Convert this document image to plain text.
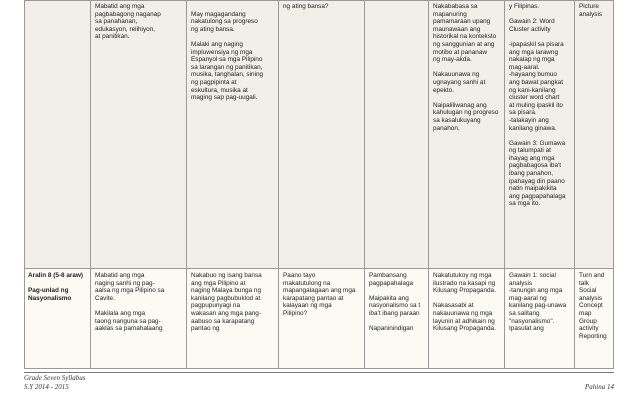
Mabatid ang mga
pagbabagong naganap
sa panahanan,
edukasyon, relihiyon,
at panitikan.

May magagandang
nakatulong sa progreso
ng ating bansa.

Malaki ang naging
impluwensiya ng mga
Espanyol sa mga Pilipino
sa larangan ng panitikan,
musika, tanghalan, sining
ng pagpipinta at
eskultura, musika at
maging sap pag-uugali.
ng ating bansa?	Nakababasa sa
mapanuring
pamamaraan upang
maunawaan ang
historikal na konteksto
ng sanggunian at ang
motibo at pananaw
ng may-akda.

Nakauunawa ng
ugnayang sanhi at
epekto.

Naipaliliwanag ang
kahulugan ng progreso
sa kasalukuyang
panahon.
y Filipinas.

Gawain 2: Word
Cluster activity

-ipapaskil sa pisara
ang mga larawng
nakalap ng mga
mag-aaral.
-hayaang bumuo
ang bawat pangkat
ng kani-kanilang
cluster word chart
at muling ipaskil ito
sa pisara.
-talakayin ang
kanilang ginawa.

Gawain 3: Gumawa
ng talumpati at
ihayag ang mga
pagbabagosa iba't
ibang panahon,
ipahayag din paano
natin maipakikita
ang pagpapahalaga
sa mga ito.
Picture analysis
Aralin 8 (5-8 araw)

Pag-unlad ng
Nasyonalismo
Mabatid ang mga
naging sanhi ng pag-
aalsa ng mga Pilipino sa
Cavite.

Makilala ang mga
taong nanguna sa pag-
aaklas sa pamahalaang
Nakabuo ng isang bansa
ang mga Pilipino at
naging Malaya bunga ng
kanilang pagbubuklod at
pagpupunyagi na
wakasan ang mga pang-
aabuso sa karapatang
pantao ng
Paano tayo
makatutulong na
mapangalagaan ang mga
karapatang pantao at
kalayaan ng mga
Pilipino?
Pambansang
pagpapahalaga

Maipakita ang
nasyonalismo sa t
iba't ibang paraan

Napaninindigan
Nakatutukoy ng mga
ilustrado na kasapi ng
Kilusang Propaganda.

Nakasasabi at
nakauunawa ng mga
layunin at adhikain ng
Kilusang Propaganda.
Gawain 1: social
analysis
-tanungin ang mga
mag-aaral ng
kanilang pag-unawa
sa salitang
"nasyonalismo".
Ipasulat ang
Turn and talk
Social analysis
Concept map
Group activity
Reporting
Grade Seven Syllabus
S.Y 2014 - 2015	Pahina 14
